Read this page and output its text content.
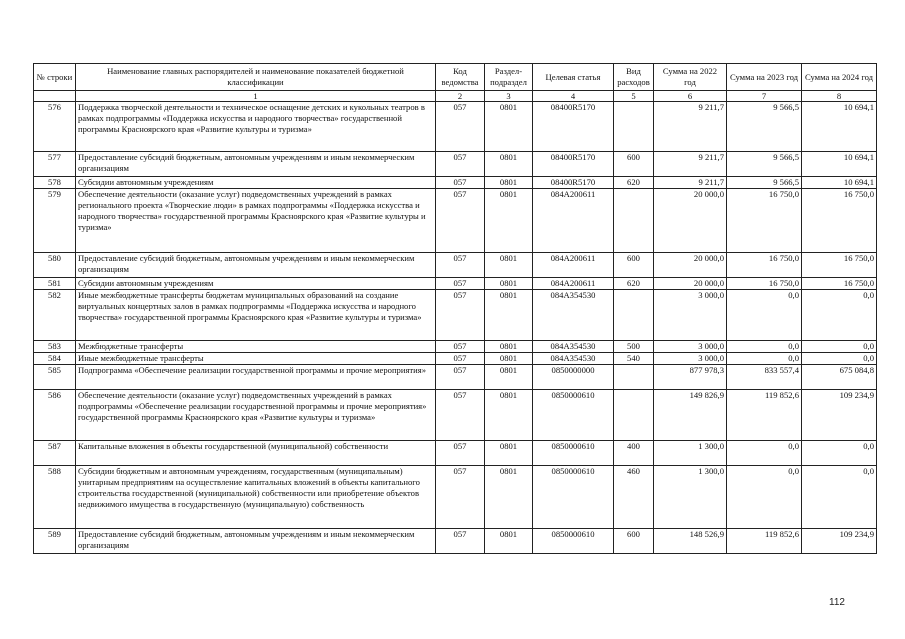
№ строки	Наименование главных распорядителей и наименование показателей бюджетной классификации	Код ведомства	Раздел-подраздел	Целевая статья	Вид расходов	Сумма на 2022 год	Сумма на 2023 год	Сумма на 2024 год
	1	2	3	4	5	6	7	8
576	Поддержка творческой деятельности и техническое оснащение детских и кукольных театров в рамках подпрограммы «Поддержка искусства и народного творчества» государственной программы Красноярского края «Развитие культуры и туризма»	057	0801	08400R5170		9 211,7	9 566,5	10 694,1
577	Предоставление субсидий бюджетным, автономным учреждениям и иным некоммерческим организациям	057	0801	08400R5170	600	9 211,7	9 566,5	10 694,1
578	Субсидии автономным учреждениям	057	0801	08400R5170	620	9 211,7	9 566,5	10 694,1
579	Обеспечение деятельности (оказание услуг) подведомственных учреждений в рамках регионального проекта «Творческие люди» в рамках подпрограммы «Поддержка искусства и народного творчества» государственной программы Красноярского края «Развитие культуры и туризма»	057	0801	084А200611		20 000,0	16 750,0	16 750,0
580	Предоставление субсидий бюджетным, автономным учреждениям и иным некоммерческим организациям	057	0801	084А200611	600	20 000,0	16 750,0	16 750,0
581	Субсидии автономным учреждениям	057	0801	084А200611	620	20 000,0	16 750,0	16 750,0
582	Иные межбюджетные трансферты бюджетам муниципальных образований на создание виртуальных концертных залов в рамках подпрограммы «Поддержка искусства и народного творчества» государственной программы Красноярского края «Развитие культуры и туризма»	057	0801	084А354530		3 000,0	0,0	0,0
583	Межбюджетные трансферты	057	0801	084А354530	500	3 000,0	0,0	0,0
584	Иные межбюджетные трансферты	057	0801	084А354530	540	3 000,0	0,0	0,0
585	Подпрограмма «Обеспечение реализации государственной программы и прочие мероприятия»	057	0801	0850000000		877 978,3	833 557,4	675 084,8
586	Обеспечение деятельности (оказание услуг) подведомственных учреждений в рамках подпрограммы «Обеспечение реализации государственной программы и прочие мероприятия» государственной программы Красноярского края «Развитие культуры и туризма»	057	0801	0850000610		149 826,9	119 852,6	109 234,9
587	Капитальные вложения в объекты государственной (муниципальной) собственности	057	0801	0850000610	400	1 300,0	0,0	0,0
588	Субсидии бюджетным и автономным учреждениям, государственным (муниципальным) унитарным предприятиям на осуществление капитальных вложений в объекты капитального строительства государственной (муниципальной) собственности или приобретение объектов недвижимого имущества в государственную (муниципальную) собственность	057	0801	0850000610	460	1 300,0	0,0	0,0
589	Предоставление субсидий бюджетным, автономным учреждениям и иным некоммерческим организациям	057	0801	0850000610	600	148 526,9	119 852,6	109 234,9
112
